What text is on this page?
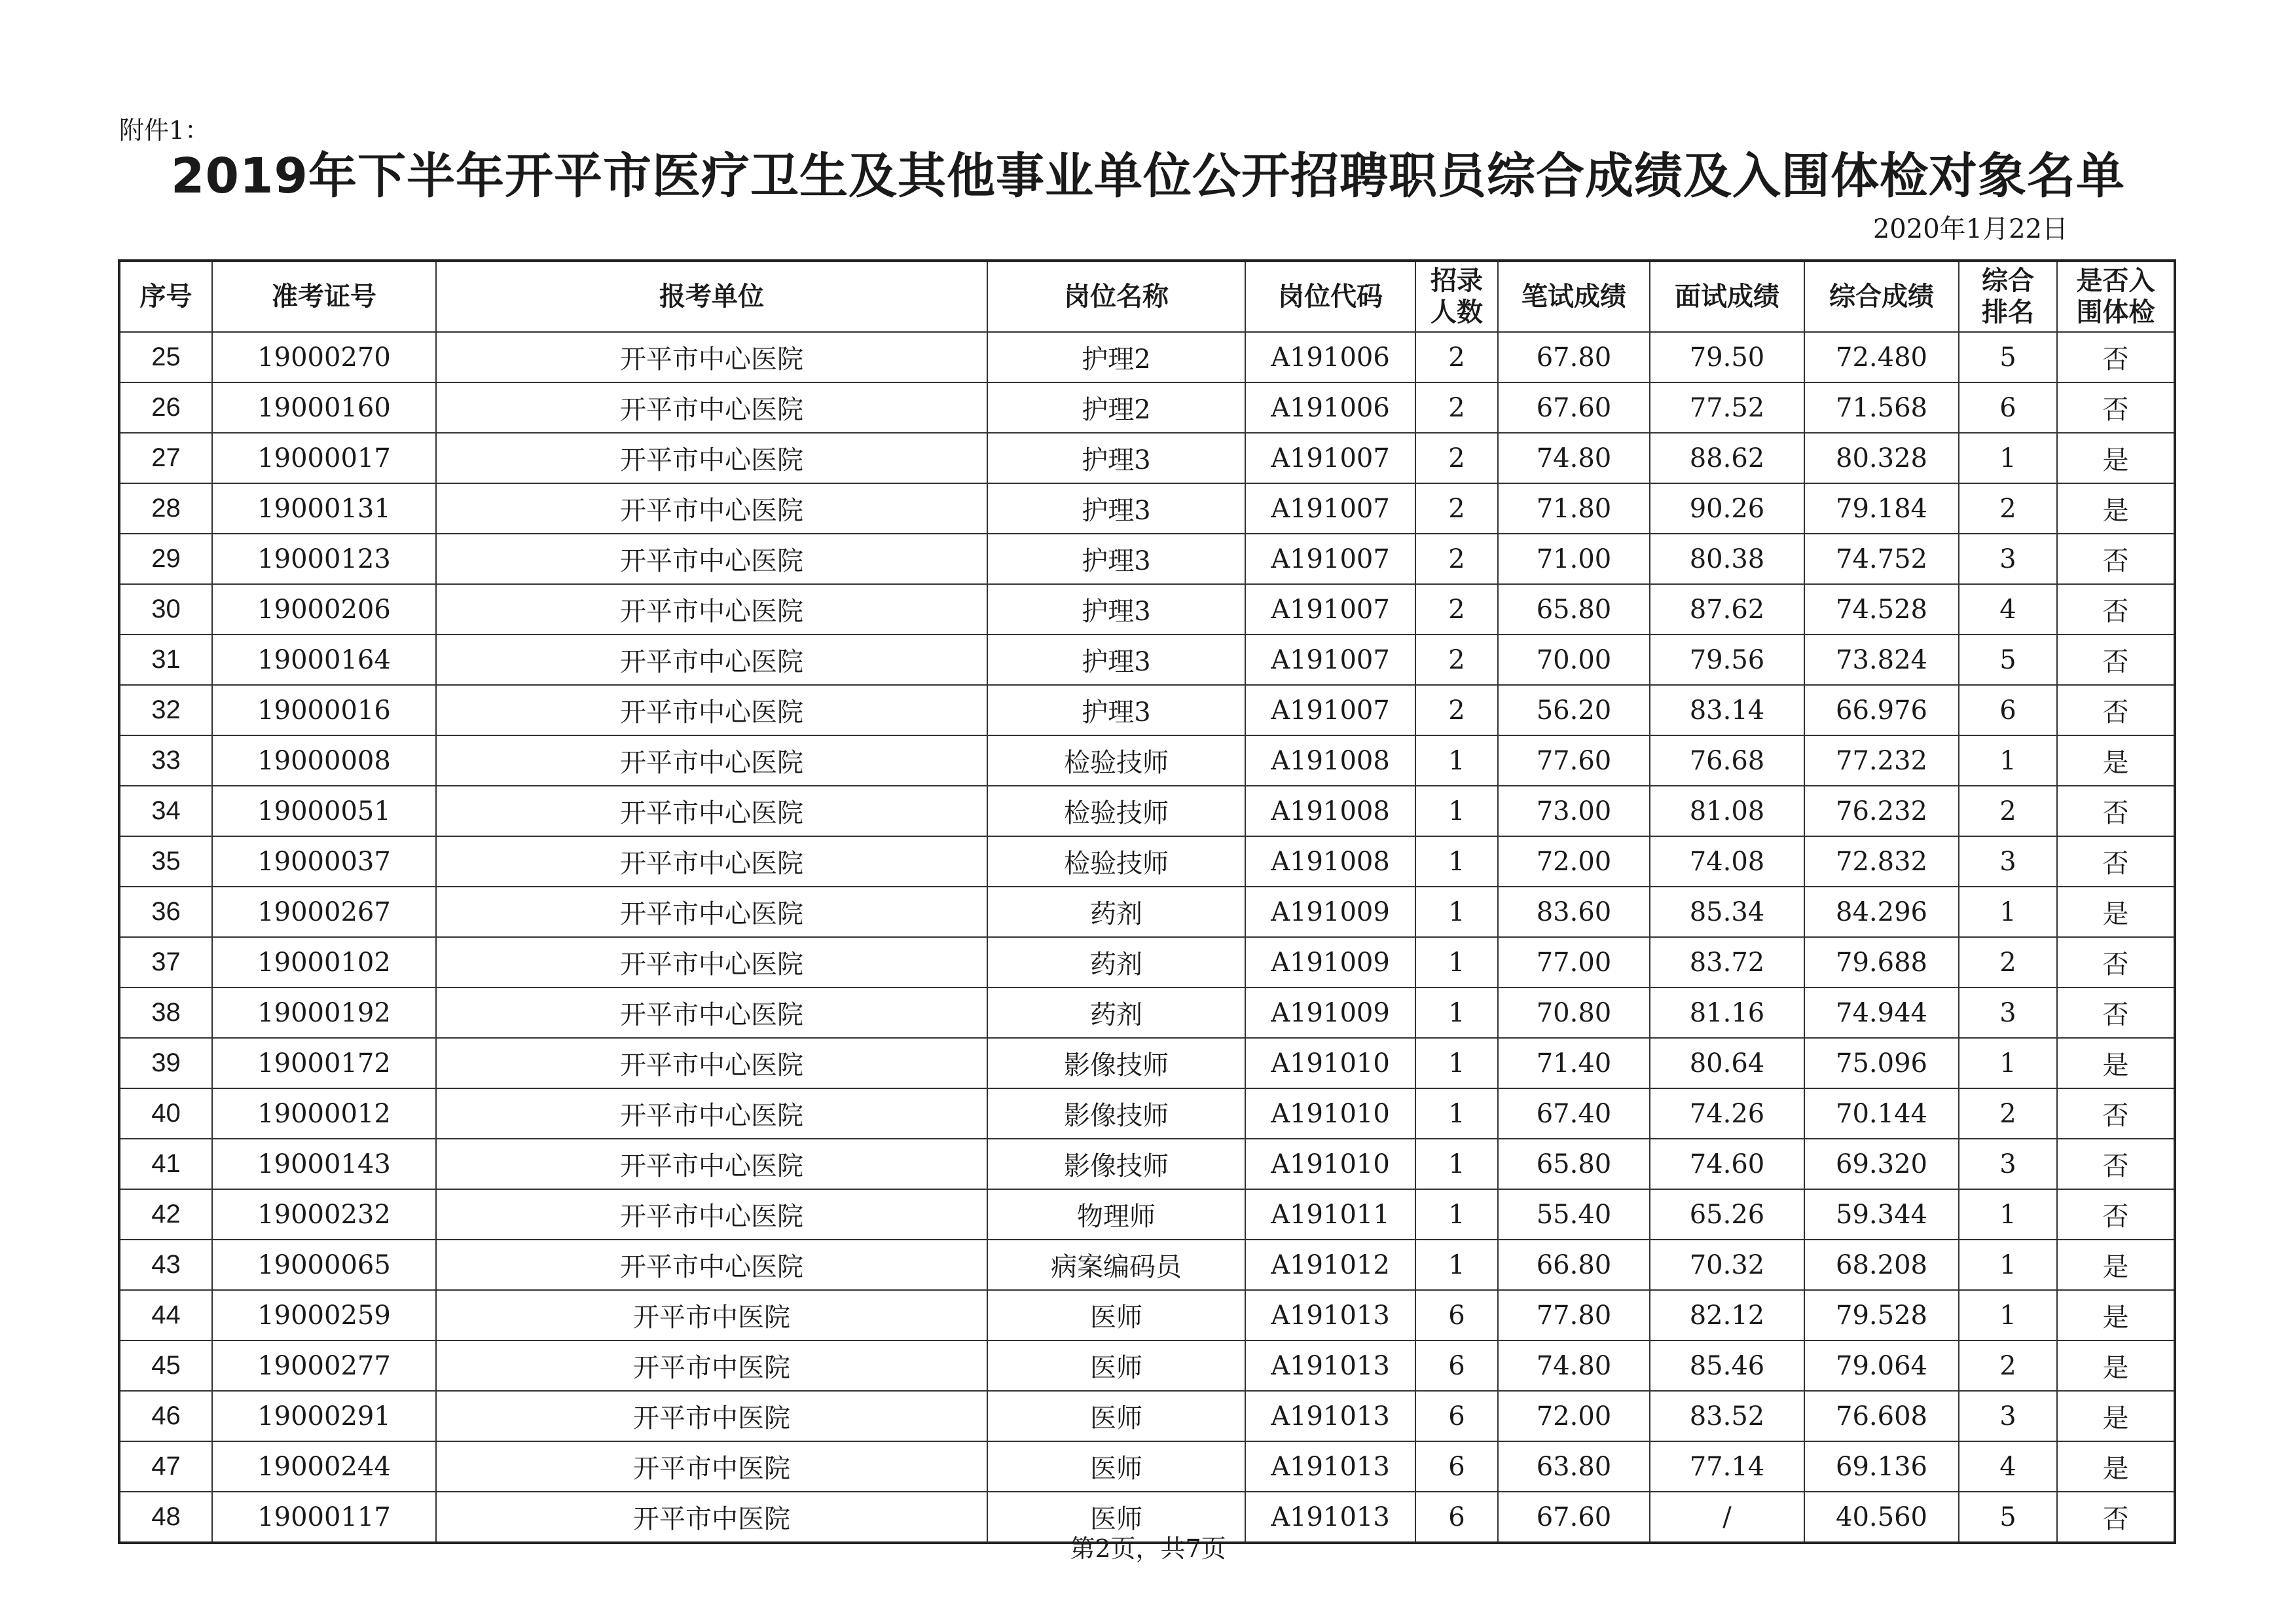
附件1：
2019年下半年开平市医疗卫生及其他事业单位公开招聘职员综合成绩及入围体检对象名单
2020年1月22日
序号	准考证号	报考单位	岗位名称	岗位代码	招录人数	笔试成绩	面试成绩	综合成绩	综合排名	是否入围体检
25	19000270	开平市中心医院	护理2	A191006	2	67.80	79.50	72.480	5	否
26	19000160	开平市中心医院	护理2	A191006	2	67.60	77.52	71.568	6	否
27	19000017	开平市中心医院	护理3	A191007	2	74.80	88.62	80.328	1	是
28	19000131	开平市中心医院	护理3	A191007	2	71.80	90.26	79.184	2	是
29	19000123	开平市中心医院	护理3	A191007	2	71.00	80.38	74.752	3	否
30	19000206	开平市中心医院	护理3	A191007	2	65.80	87.62	74.528	4	否
31	19000164	开平市中心医院	护理3	A191007	2	70.00	79.56	73.824	5	否
32	19000016	开平市中心医院	护理3	A191007	2	56.20	83.14	66.976	6	否
33	19000008	开平市中心医院	检验技师	A191008	1	77.60	76.68	77.232	1	是
34	19000051	开平市中心医院	检验技师	A191008	1	73.00	81.08	76.232	2	否
35	19000037	开平市中心医院	检验技师	A191008	1	72.00	74.08	72.832	3	否
36	19000267	开平市中心医院	药剂	A191009	1	83.60	85.34	84.296	1	是
37	19000102	开平市中心医院	药剂	A191009	1	77.00	83.72	79.688	2	否
38	19000192	开平市中心医院	药剂	A191009	1	70.80	81.16	74.944	3	否
39	19000172	开平市中心医院	影像技师	A191010	1	71.40	80.64	75.096	1	是
40	19000012	开平市中心医院	影像技师	A191010	1	67.40	74.26	70.144	2	否
41	19000143	开平市中心医院	影像技师	A191010	1	65.80	74.60	69.320	3	否
42	19000232	开平市中心医院	物理师	A191011	1	55.40	65.26	59.344	1	否
43	19000065	开平市中心医院	病案编码员	A191012	1	66.80	70.32	68.208	1	是
44	19000259	开平市中医院	医师	A191013	6	77.80	82.12	79.528	1	是
45	19000277	开平市中医院	医师	A191013	6	74.80	85.46	79.064	2	是
46	19000291	开平市中医院	医师	A191013	6	72.00	83.52	76.608	3	是
47	19000244	开平市中医院	医师	A191013	6	63.80	77.14	69.136	4	是
48	19000117	开平市中医院	医师	A191013	6	67.60	/	40.560	5	否
第2页，共7页
